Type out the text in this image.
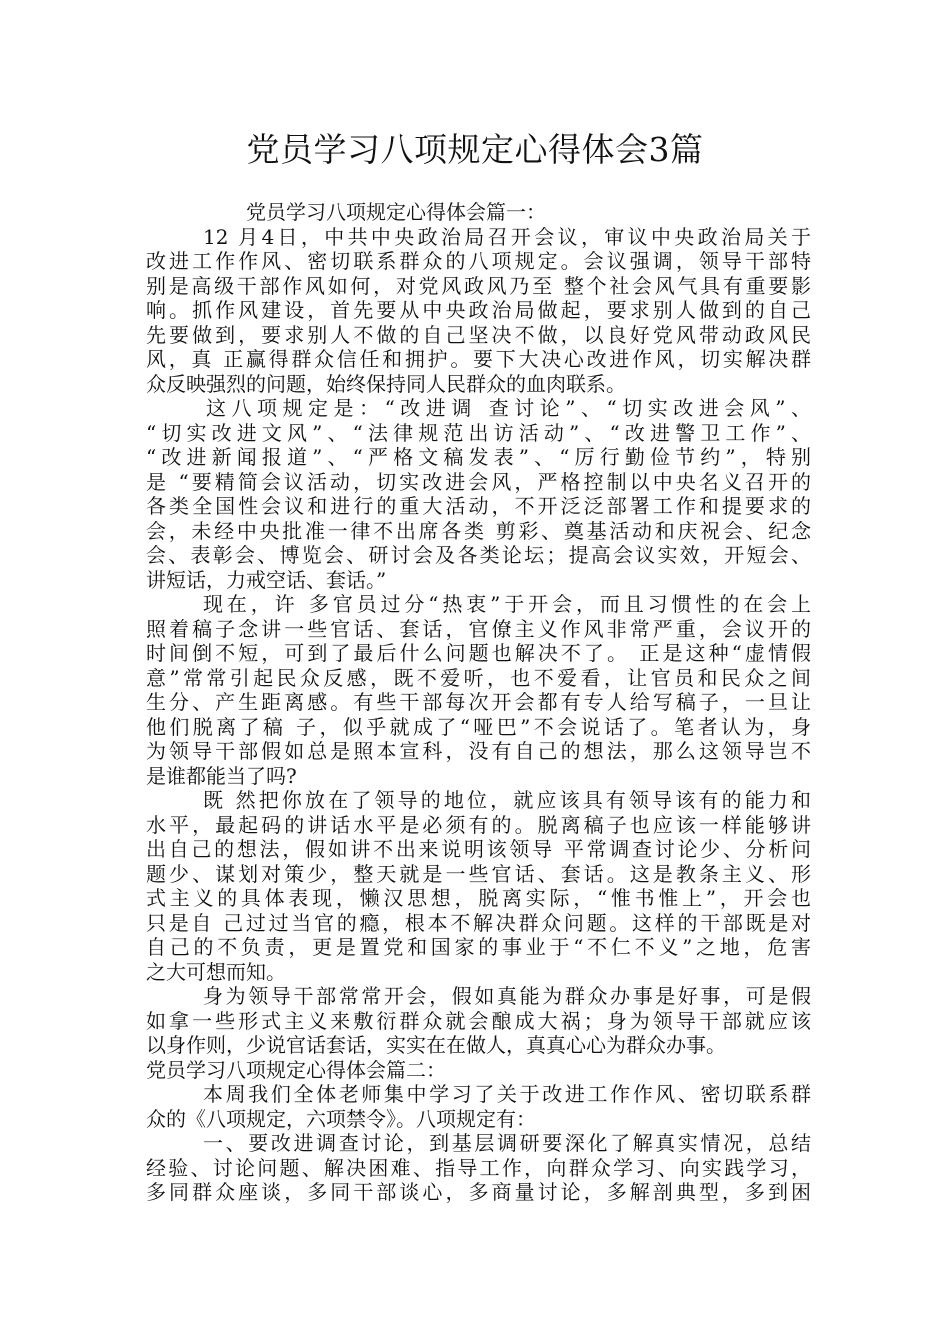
党员学习八项规定心得体会3篇
党员学习八项规定心得体会篇一：
12 月4日，中共中央政治局召开会议，审议中央政治局关于
改进工作作风、密切联系群众的八项规定。会议强调，领导干部特
别是高级干部作风如何，对党风政风乃至 整个社会风气具有重要影
响。抓作风建设，首先要从中央政治局做起，要求别人做到的自己
先要做到，要求别人不做的自己坚决不做，以良好党风带动政风民
风，真 正赢得群众信任和拥护。要下大决心改进作风，切实解决群
众反映强烈的问题，始终保持同人民群众的血肉联系。
这八项规定是：“改进调 查讨论”、“切实改进会风”、
“切实改进文风”、“法律规范出访活动”、“改进警卫工作”、
“改进新闻报道”、“严格文稿发表”、“厉行勤俭节约”，特别
是 “要精简会议活动，切实改进会风，严格控制以中央名义召开的
各类全国性会议和进行的重大活动，不开泛泛部署工作和提要求的
会，未经中央批准一律不出席各类 剪彩、奠基活动和庆祝会、纪念
会、表彰会、博览会、研讨会及各类论坛；提高会议实效，开短会、
讲短话，力戒空话、套话。”
现在，许 多官员过分“热衷”于开会，而且习惯性的在会上
照着稿子念讲一些官话、套话，官僚主义作风非常严重，会议开的
时间倒不短，可到了最后什么问题也解决不了。 正是这种“虚情假
意”常常引起民众反感，既不爱听，也不爱看，让官员和民众之间
生分、产生距离感。有些干部每次开会都有专人给写稿子，一旦让
他们脱离了稿 子，似乎就成了“哑巴”不会说话了。笔者认为，身
为领导干部假如总是照本宣科，没有自己的想法，那么这领导岂不
是谁都能当了吗?
既 然把你放在了领导的地位，就应该具有领导该有的能力和
水平，最起码的讲话水平是必须有的。脱离稿子也应该一样能够讲
出自己的想法，假如讲不出来说明该领导 平常调查讨论少、分析问
题少、谋划对策少，整天就是一些官话、套话。这是教条主义、形
式主义的具体表现，懒汉思想，脱离实际，“惟书惟上”，开会也
只是自 己过过当官的瘾，根本不解决群众问题。这样的干部既是对
自己的不负责，更是置党和国家的事业于“不仁不义”之地，危害
之大可想而知。
身为领导干部常常开会，假如真能为群众办事是好事，可是假
如拿一些形式主义来敷衍群众就会酿成大祸；身为领导干部就应该
以身作则，少说官话套话，实实在在做人，真真心心为群众办事。
党员学习八项规定心得体会篇二：
本周我们全体老师集中学习了关于改进工作作风、密切联系群
众的《八项规定，六项禁令》。八项规定有：
一、要改进调查讨论，到基层调研要深化了解真实情况，总结
经验、讨论问题、解决困难、指导工作，向群众学习、向实践学习，
多同群众座谈，多同干部谈心，多商量讨论，多解剖典型，多到困
